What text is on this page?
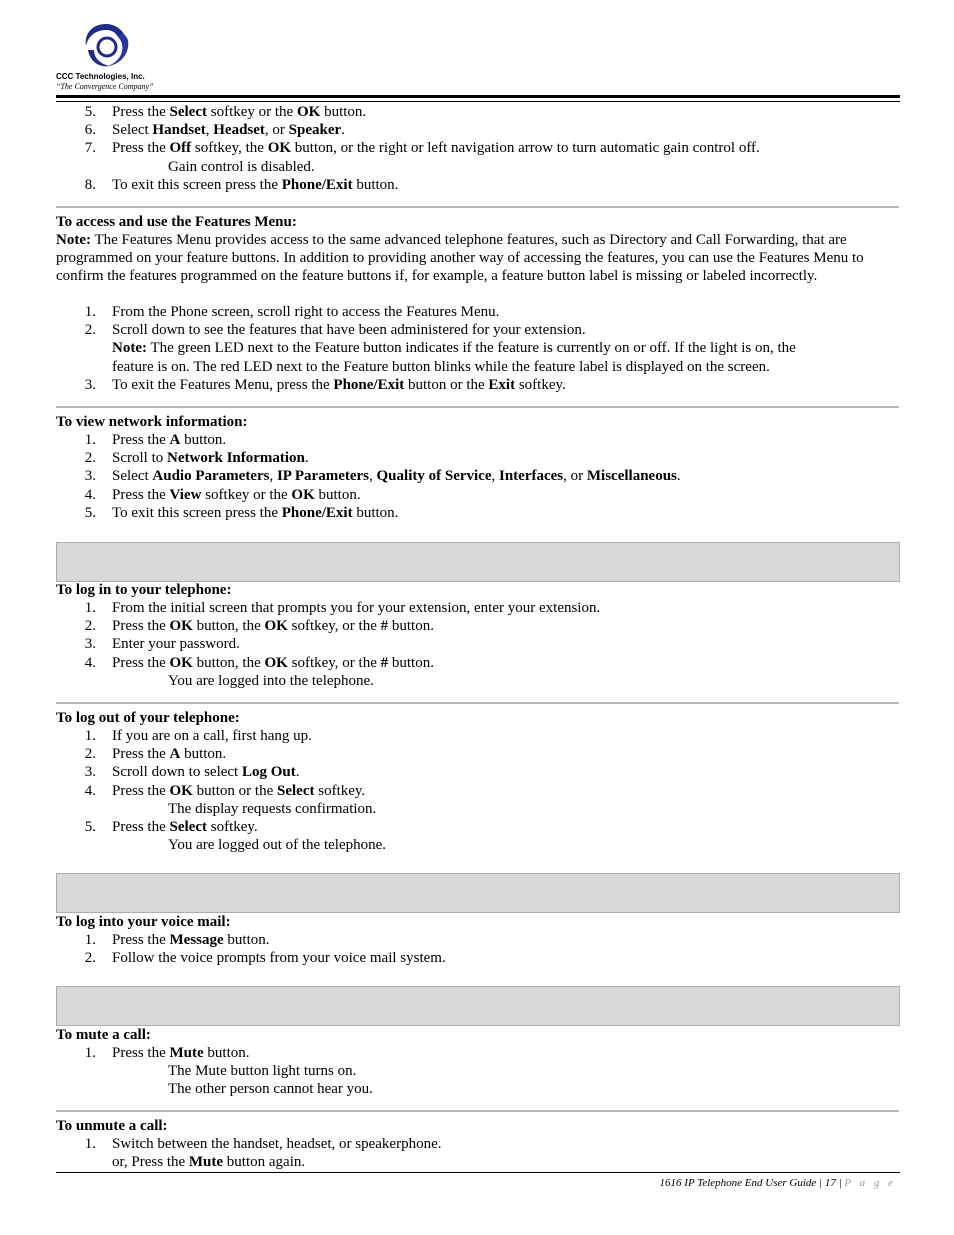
CCC Technologies, Inc.
“The Convergence Company”
5. Press the Select softkey or the OK button.
6. Select Handset, Headset, or Speaker.
7. Press the Off softkey, the OK button, or the right or left navigation arrow to turn automatic gain control off.
Gain control is disabled.
8. To exit this screen press the Phone/Exit button.
To access and use the Features Menu:
Note: The Features Menu provides access to the same advanced telephone features, such as Directory and Call Forwarding, that are programmed on your feature buttons. In addition to providing another way of accessing the features, you can use the Features Menu to confirm the features programmed on the feature buttons if, for example, a feature button label is missing or labeled incorrectly.
1. From the Phone screen, scroll right to access the Features Menu.
2. Scroll down to see the features that have been administered for your extension.
Note: The green LED next to the Feature button indicates if the feature is currently on or off. If the light is on, the
feature is on. The red LED next to the Feature button blinks while the feature label is displayed on the screen.
3. To exit the Features Menu, press the Phone/Exit button or the Exit softkey.
To view network information:
1. Press the A button.
2. Scroll to Network Information.
3. Select Audio Parameters, IP Parameters, Quality of Service, Interfaces, or Miscellaneous.
4. Press the View softkey or the OK button.
5. To exit this screen press the Phone/Exit button.
To log in to your telephone:
1. From the initial screen that prompts you for your extension, enter your extension.
2. Press the OK button, the OK softkey, or the # button.
3. Enter your password.
4. Press the OK button, the OK softkey, or the # button.
You are logged into the telephone.
To log out of your telephone:
1. If you are on a call, first hang up.
2. Press the A button.
3. Scroll down to select Log Out.
4. Press the OK button or the Select softkey.
The display requests confirmation.
5. Press the Select softkey.
You are logged out of the telephone.
To log into your voice mail:
1. Press the Message button.
2. Follow the voice prompts from your voice mail system.
To mute a call:
1. Press the Mute button.
The Mute button light turns on.
The other person cannot hear you.
To unmute a call:
1. Switch between the handset, headset, or speakerphone.
or, Press the Mute button again.
1616 IP Telephone End User Guide | 17 | P a g e
